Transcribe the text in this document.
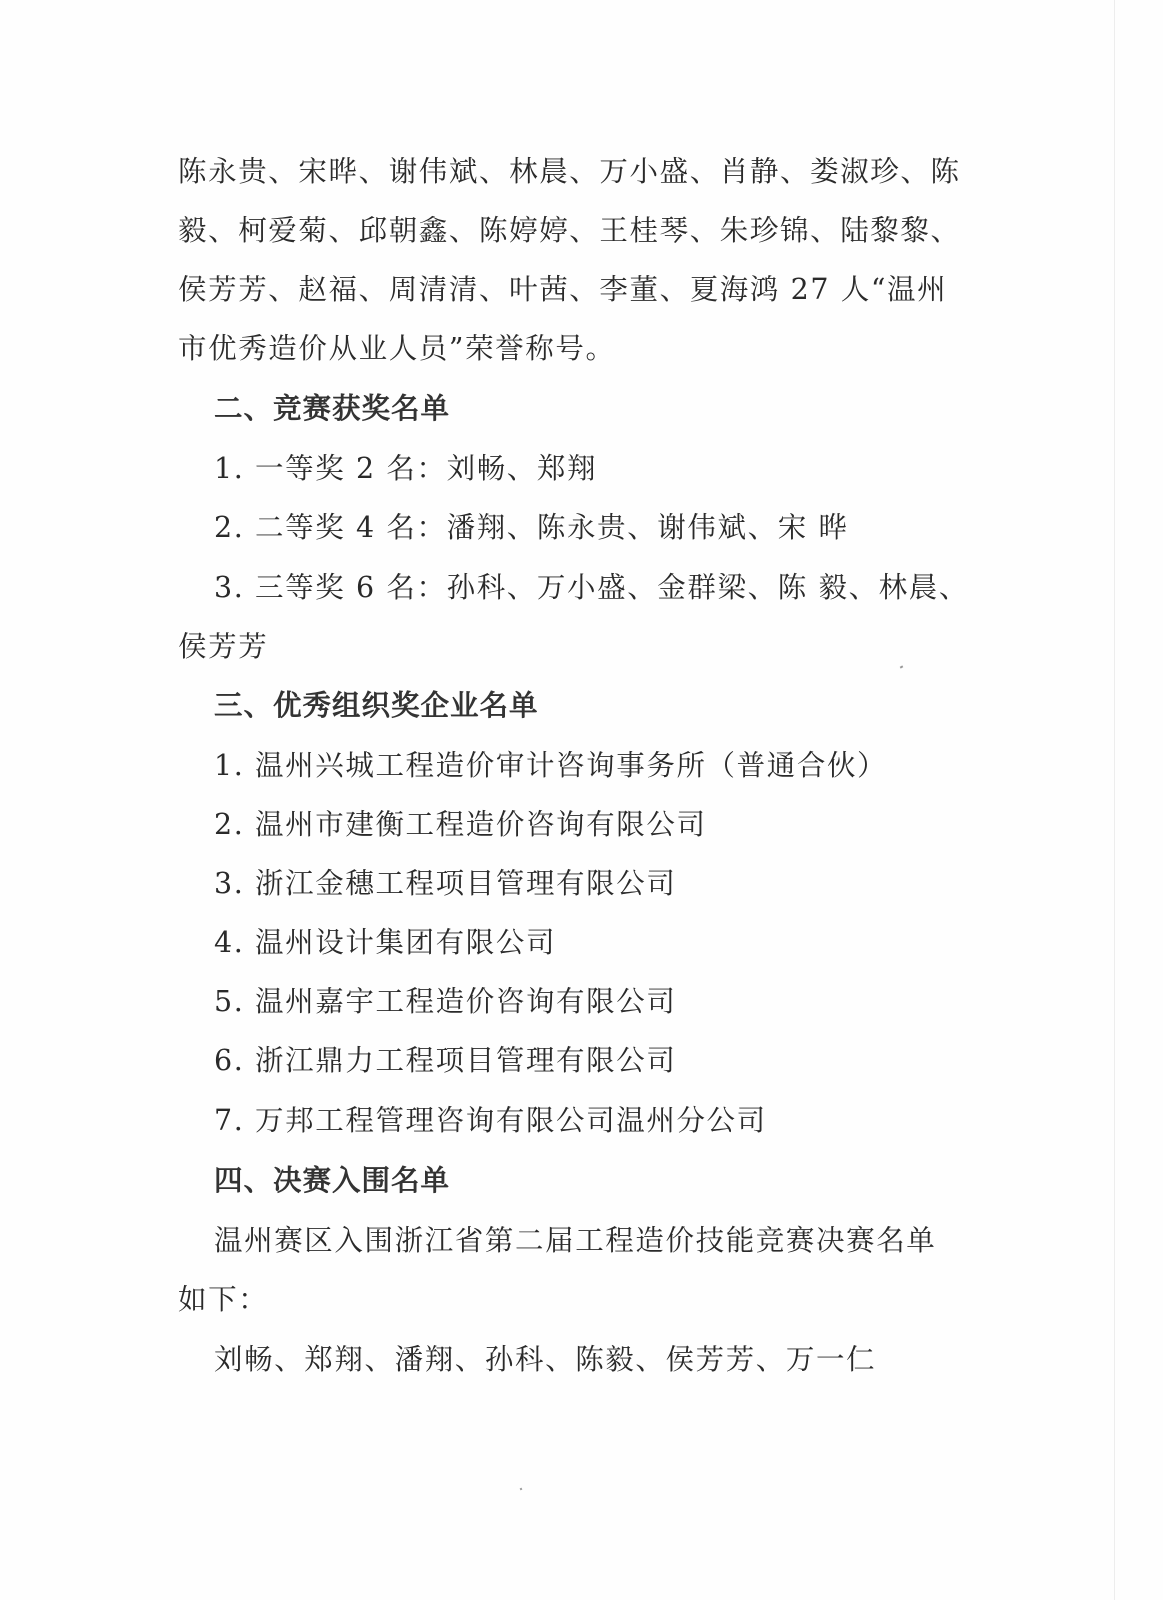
陈永贵、宋晔、谢伟斌、林晨、万小盛、肖静、娄淑珍、陈
毅、柯爱菊、邱朝鑫、陈婷婷、王桂琴、朱珍锦、陆黎黎、
侯芳芳、赵福、周清清、叶茜、李董、夏海鸿 27 人“温州
市优秀造价从业人员”荣誉称号。
二、竞赛获奖名单
1. 一等奖 2 名：刘畅、郑翔
2. 二等奖 4 名：潘翔、陈永贵、谢伟斌、宋 晔
3. 三等奖 6 名：孙科、万小盛、金群梁、陈 毅、林晨、
侯芳芳
三、优秀组织奖企业名单
1. 温州兴城工程造价审计咨询事务所（普通合伙）
2. 温州市建衡工程造价咨询有限公司
3. 浙江金穗工程项目管理有限公司
4. 温州设计集团有限公司
5. 温州嘉宇工程造价咨询有限公司
6. 浙江鼎力工程项目管理有限公司
7. 万邦工程管理咨询有限公司温州分公司
四、决赛入围名单
温州赛区入围浙江省第二届工程造价技能竞赛决赛名单
如下：
刘畅、郑翔、潘翔、孙科、陈毅、侯芳芳、万一仁
